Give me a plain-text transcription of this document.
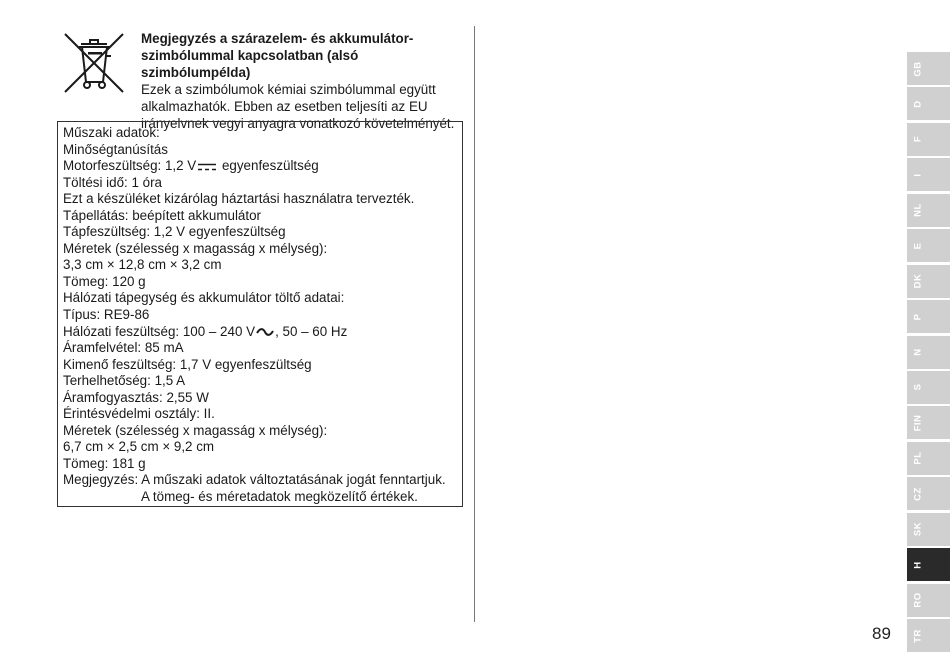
Megjegyzés a szárazelem- és akkumulátor-
szimbólummal kapcsolatban (alsó szimbólumpélda)
Ezek a szimbólumok kémiai szimbólummal együtt
alkalmazhatók. Ebben az esetben teljesíti az EU
irányelvnek vegyi anyagra vonatkozó követelményét.
Műszaki adatok:
Minőségtanúsítás
Motorfeszültség: 1,2 V egyenfeszültség
Töltési idő: 1 óra
Ezt a készüléket kizárólag háztartási használatra tervezték.
Tápellátás: beépített akkumulátor
Tápfeszültség: 1,2 V egyenfeszültség
Méretek (szélesség x magasság x mélység):
3,3 cm × 12,8 cm × 3,2 cm
Tömeg: 120 g
Hálózati tápegység és akkumulátor töltő adatai:
Típus: RE9-86
Hálózati feszültség: 100 – 240 V , 50 – 60 Hz
Áramfelvétel: 85 mA
Kimenő feszültség: 1,7 V egyenfeszültség
Terhelhetőség: 1,5 A
Áramfogyasztás: 2,55 W
Érintésvédelmi osztály: II.
Méretek (szélesség x magasság x mélység):
6,7 cm × 2,5 cm × 9,2 cm
Tömeg: 181 g
Megjegyzés: A műszaki adatok változtatásának jogát fenntartjuk.
A tömeg- és méretadatok megközelítő értékek.
GB
D
F
I
NL
E
DK
P
N
S
FIN
PL
CZ
SK
H
RO
TR
89
